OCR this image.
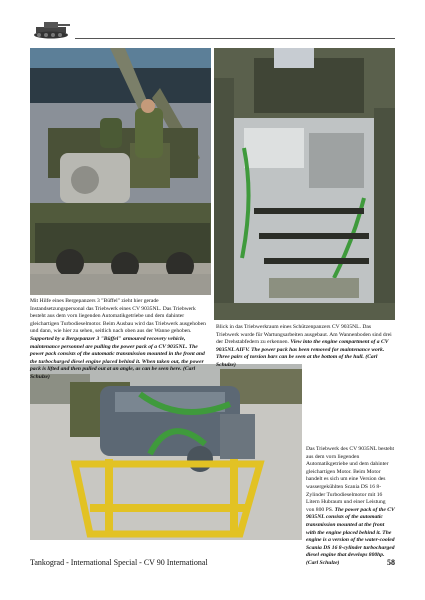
Mit Hilfe eines Bergepanzers 3 "Büffel" zieht hier gerade Instandsetzungspersonal das Triebwerk eines CV 9035NL. Das Triebwerk besteht aus dem vorn liegenden Automatikgetriebe und dem dahinter gleichartigen Turbodieselmotor. Beim Ausbau wird das Triebwerk ausgehoben und dann, wie hier zu sehen, seitlich nach oben aus der Wanne gehoben. Supported by a Bergepanzer 3 "Büffel" armoured recovery vehicle, maintenance personnel are pulling the power pack of a CV 9035NL. The power pack consists of the automatic transmission mounted in the front and the turbocharged diesel engine placed behind it. When taken out, the power pack is lifted and then pulled out at an angle, as can be seen here. (Carl Schulze)
Blick in das Triebwerkraum eines Schützenpanzers CV 9035NL. Das Triebwerk wurde für Wartungsarbeiten ausgebaut. Am Wannenboden sind drei der Drehstabfedern zu erkennen. View into the engine compartment of a CV 9035NL AIFV. The power pack has been removed for maintenance work. Three pairs of torsion bars can be seen at the bottom of the hull. (Carl Schulze)
Das Triebwerk des CV 9035NL besteht aus dem vorn liegenden Automatikgetriebe und dem dahinter gleichartigen Motor. Beim Motor handelt es sich um eine Version des wassergekühlten Scania DS 16 8-Zylinder Turbodieselmotor mit 16 Litern Hubraum und einer Leistung von 800 PS. The power pack of the CV 9035NL consists of the automatic transmission mounted at the front with the engine placed behind it. The engine is a version of the water-cooled Scania DS 16 8-cylinder turbocharged diesel engine that develops 800hp. (Carl Schulze)
Tankograd - International Special - CV 90 International	58
